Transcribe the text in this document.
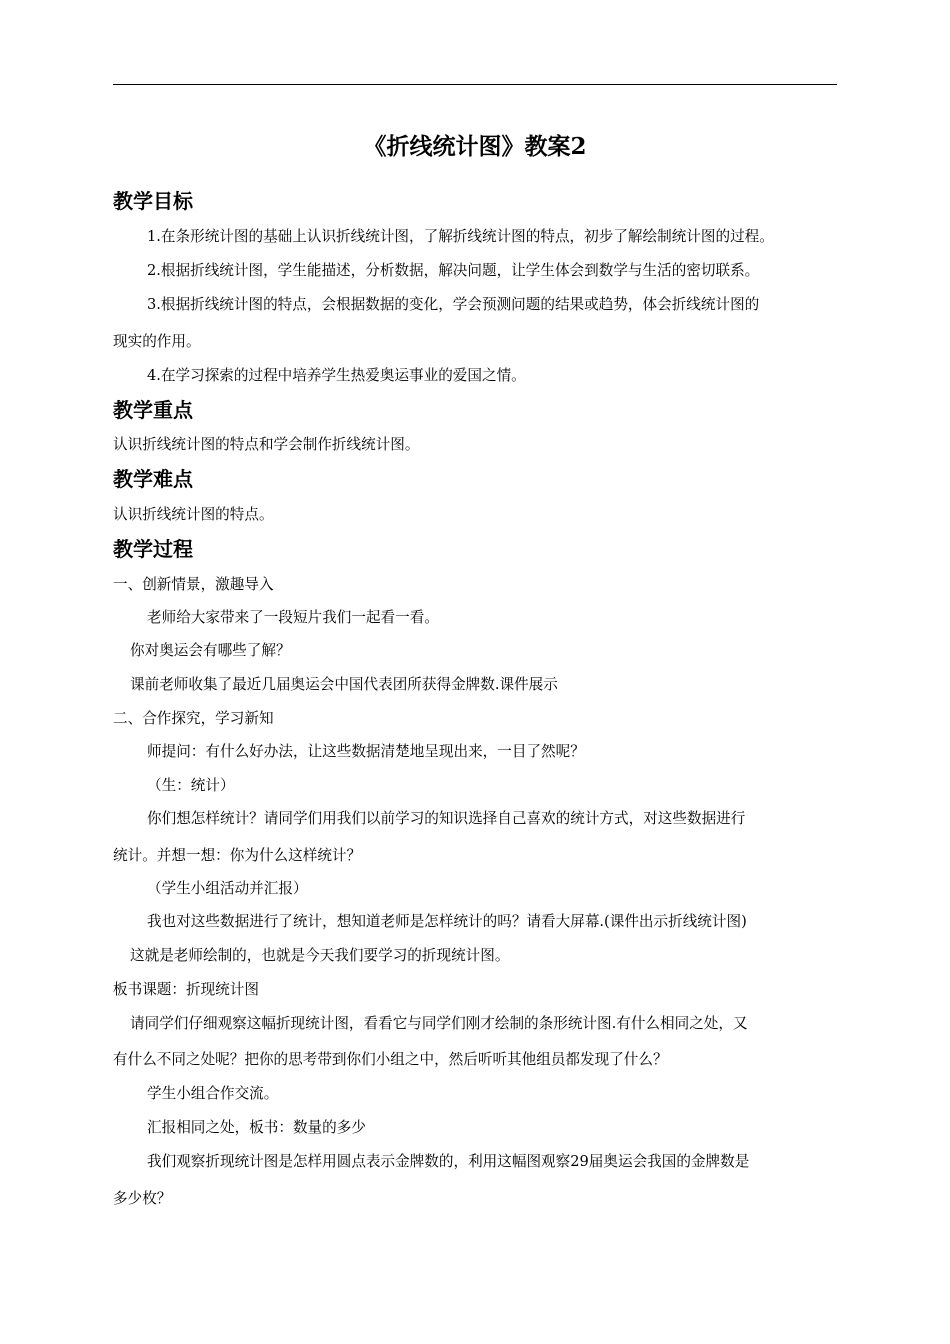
《折线统计图》教案2
教学目标
1.在条形统计图的基础上认识折线统计图，了解折线统计图的特点，初步了解绘制统计图的过程。
2.根据折线统计图，学生能描述，分析数据，解决问题，让学生体会到数学与生活的密切联系。
3.根据折线统计图的特点，会根据数据的变化，学会预测问题的结果或趋势，体会折线统计图的
现实的作用。
4.在学习探索的过程中培养学生热爱奥运事业的爱国之情。
教学重点
认识折线统计图的特点和学会制作折线统计图。
教学难点
认识折线统计图的特点。
教学过程
一、创新情景，激趣导入
老师给大家带来了一段短片我们一起看一看。
你对奥运会有哪些了解？
课前老师收集了最近几届奥运会中国代表团所获得金牌数.课件展示
二、合作探究，学习新知
师提问：有什么好办法，让这些数据清楚地呈现出来，一目了然呢？
（生：统计）
你们想怎样统计？请同学们用我们以前学习的知识选择自己喜欢的统计方式，对这些数据进行
统计。并想一想：你为什么这样统计？
（学生小组活动并汇报）
我也对这些数据进行了统计，想知道老师是怎样统计的吗？请看大屏幕.(课件出示折线统计图)
这就是老师绘制的，也就是今天我们要学习的折现统计图。
板书课题：折现统计图
请同学们仔细观察这幅折现统计图，看看它与同学们刚才绘制的条形统计图.有什么相同之处，又
有什么不同之处呢？把你的思考带到你们小组之中，然后听听其他组员都发现了什么？
学生小组合作交流。
汇报相同之处，板书：数量的多少
我们观察折现统计图是怎样用圆点表示金牌数的，利用这幅图观察29届奥运会我国的金牌数是
多少枚？
